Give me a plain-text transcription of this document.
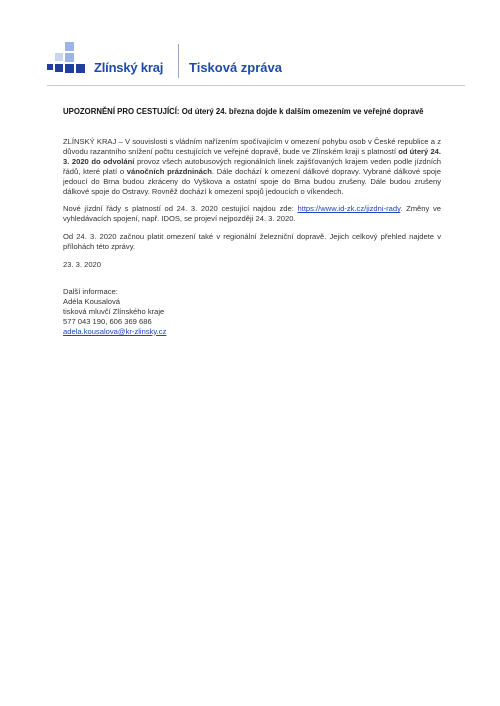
Zlínský kraj Tisková zpráva

UPOZORNĚNÍ PRO CESTUJÍCÍ: Od úterý 24. března dojde k dalším omezením ve veřejné dopravě

ZLÍNSKÝ KRAJ – V souvislosti s vládním nařízením spočívajícím v omezení pohybu osob v České republice a z důvodu razantního snížení počtu cestujících ve veřejné dopravě, bude ve Zlínském kraji s platností od úterý 24. 3. 2020 do odvolání provoz všech autobusových regionálních linek zajišťovaných krajem veden podle jízdních řádů, které platí o vánočních prázdninách. Dále dochází k omezení dálkové dopravy. Vybrané dálkové spoje jedoucí do Brna budou zkráceny do Vyškova a ostatní spoje do Brna budou zrušeny. Dále budou zrušeny dálkové spoje do Ostravy. Rovněž dochází k omezení spojů jedoucích o víkendech.

Nové jízdní řády s platností od 24. 3. 2020 cestující najdou zde: https://www.id-zk.cz/jizdni-rady. Změny ve vyhledávacích spojení, např. IDOS, se projeví nejpozději 24. 3. 2020.

Od 24. 3. 2020 začnou platit omezení také v regionální železniční dopravě. Jejich celkový přehled najdete v přílohách této zprávy.

23. 3. 2020

Další informace:

Adéla Kousalová

tisková mluvčí Zlínského kraje

577 043 190, 606 369 686

adela.kousalova@kr-zlinsky.cz
